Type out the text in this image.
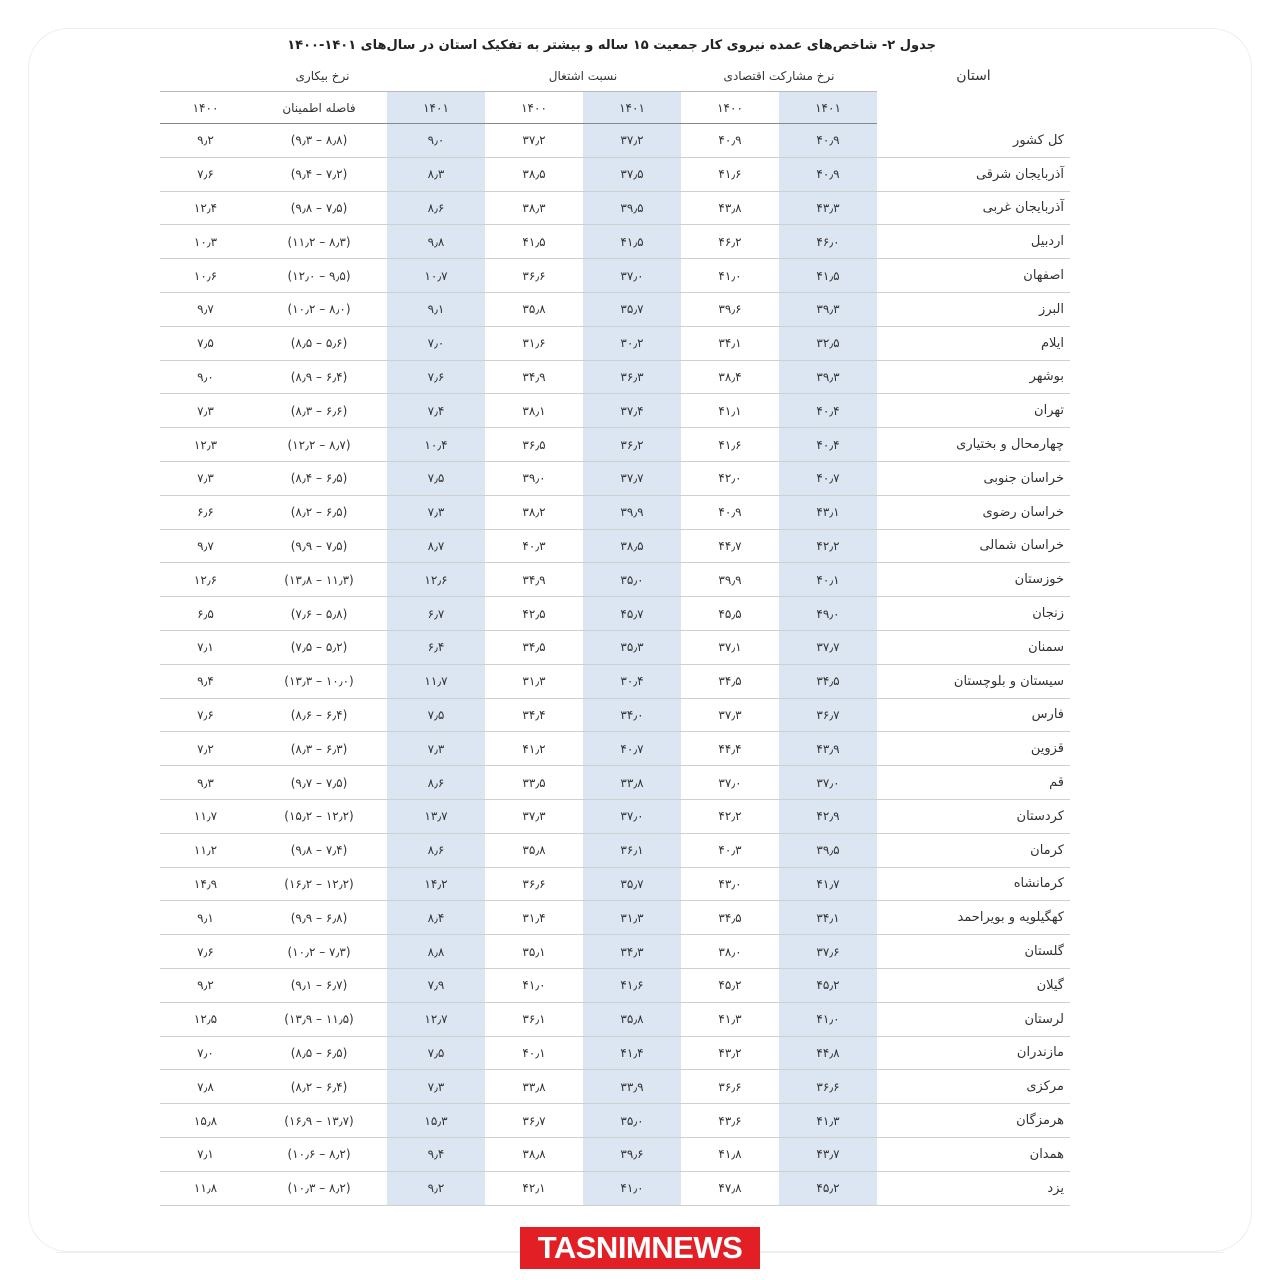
جدول ۲- شاخص‌های عمده نیروی کار جمعیت ۱۵ ساله و بیشتر به تفکیک استان در سال‌های ۱۴۰۱-۱۴۰۰
استان	نرخ مشارکت اقتصادی		نسبت اشتغال		نرخ بیکاری		
	۱۴۰۱	۱۴۰۰	۱۴۰۱	۱۴۰۰	۱۴۰۱	فاصله اطمینان	۱۴۰۰
کل کشور	۴۰٫۹	۴۰٫۹	۳۷٫۲	۳۷٫۲	۹٫۰	(۸٫۸ – ۹٫۳)	۹٫۲
آذربایجان شرقی	۴۰٫۹	۴۱٫۶	۳۷٫۵	۳۸٫۵	۸٫۳	(۷٫۲ – ۹٫۴)	۷٫۶
آذربایجان غربی	۴۳٫۳	۴۳٫۸	۳۹٫۵	۳۸٫۳	۸٫۶	(۷٫۵ – ۹٫۸)	۱۲٫۴
اردبیل	۴۶٫۰	۴۶٫۲	۴۱٫۵	۴۱٫۵	۹٫۸	(۸٫۳ – ۱۱٫۲)	۱۰٫۳
اصفهان	۴۱٫۵	۴۱٫۰	۳۷٫۰	۳۶٫۶	۱۰٫۷	(۹٫۵ – ۱۲٫۰)	۱۰٫۶
البرز	۳۹٫۳	۳۹٫۶	۳۵٫۷	۳۵٫۸	۹٫۱	(۸٫۰ – ۱۰٫۲)	۹٫۷
ایلام	۳۲٫۵	۳۴٫۱	۳۰٫۲	۳۱٫۶	۷٫۰	(۵٫۶ – ۸٫۵)	۷٫۵
بوشهر	۳۹٫۳	۳۸٫۴	۳۶٫۳	۳۴٫۹	۷٫۶	(۶٫۴ – ۸٫۹)	۹٫۰
تهران	۴۰٫۴	۴۱٫۱	۳۷٫۴	۳۸٫۱	۷٫۴	(۶٫۶ – ۸٫۳)	۷٫۳
چهارمحال و بختیاری	۴۰٫۴	۴۱٫۶	۳۶٫۲	۳۶٫۵	۱۰٫۴	(۸٫۷ – ۱۲٫۲)	۱۲٫۳
خراسان جنوبی	۴۰٫۷	۴۲٫۰	۳۷٫۷	۳۹٫۰	۷٫۵	(۶٫۵ – ۸٫۴)	۷٫۳
خراسان رضوی	۴۳٫۱	۴۰٫۹	۳۹٫۹	۳۸٫۲	۷٫۳	(۶٫۵ – ۸٫۲)	۶٫۶
خراسان شمالی	۴۲٫۲	۴۴٫۷	۳۸٫۵	۴۰٫۳	۸٫۷	(۷٫۵ – ۹٫۹)	۹٫۷
خوزستان	۴۰٫۱	۳۹٫۹	۳۵٫۰	۳۴٫۹	۱۲٫۶	(۱۱٫۳ – ۱۳٫۸)	۱۲٫۶
زنجان	۴۹٫۰	۴۵٫۵	۴۵٫۷	۴۲٫۵	۶٫۷	(۵٫۸ – ۷٫۶)	۶٫۵
سمنان	۳۷٫۷	۳۷٫۱	۳۵٫۳	۳۴٫۵	۶٫۴	(۵٫۲ – ۷٫۵)	۷٫۱
سیستان و بلوچستان	۳۴٫۵	۳۴٫۵	۳۰٫۴	۳۱٫۳	۱۱٫۷	(۱۰٫۰ – ۱۳٫۳)	۹٫۴
فارس	۳۶٫۷	۳۷٫۳	۳۴٫۰	۳۴٫۴	۷٫۵	(۶٫۴ – ۸٫۶)	۷٫۶
قزوین	۴۳٫۹	۴۴٫۴	۴۰٫۷	۴۱٫۲	۷٫۳	(۶٫۳ – ۸٫۳)	۷٫۲
قم	۳۷٫۰	۳۷٫۰	۳۳٫۸	۳۳٫۵	۸٫۶	(۷٫۵ – ۹٫۷)	۹٫۳
کردستان	۴۲٫۹	۴۲٫۲	۳۷٫۰	۳۷٫۳	۱۳٫۷	(۱۲٫۲ – ۱۵٫۲)	۱۱٫۷
کرمان	۳۹٫۵	۴۰٫۳	۳۶٫۱	۳۵٫۸	۸٫۶	(۷٫۴ – ۹٫۸)	۱۱٫۲
کرمانشاه	۴۱٫۷	۴۳٫۰	۳۵٫۷	۳۶٫۶	۱۴٫۲	(۱۲٫۲ – ۱۶٫۲)	۱۴٫۹
کهگیلویه و بویراحمد	۳۴٫۱	۳۴٫۵	۳۱٫۳	۳۱٫۴	۸٫۴	(۶٫۸ – ۹٫۹)	۹٫۱
گلستان	۳۷٫۶	۳۸٫۰	۳۴٫۳	۳۵٫۱	۸٫۸	(۷٫۳ – ۱۰٫۲)	۷٫۶
گیلان	۴۵٫۲	۴۵٫۲	۴۱٫۶	۴۱٫۰	۷٫۹	(۶٫۷ – ۹٫۱)	۹٫۲
لرستان	۴۱٫۰	۴۱٫۳	۳۵٫۸	۳۶٫۱	۱۲٫۷	(۱۱٫۵ – ۱۳٫۹)	۱۲٫۵
مازندران	۴۴٫۸	۴۳٫۲	۴۱٫۴	۴۰٫۱	۷٫۵	(۶٫۵ – ۸٫۵)	۷٫۰
مرکزی	۳۶٫۶	۳۶٫۶	۳۳٫۹	۳۳٫۸	۷٫۳	(۶٫۴ – ۸٫۲)	۷٫۸
هرمزگان	۴۱٫۳	۴۳٫۶	۳۵٫۰	۳۶٫۷	۱۵٫۳	(۱۳٫۷ – ۱۶٫۹)	۱۵٫۸
همدان	۴۳٫۷	۴۱٫۸	۳۹٫۶	۳۸٫۸	۹٫۴	(۸٫۲ – ۱۰٫۶)	۷٫۱
یزد	۴۵٫۲	۴۷٫۸	۴۱٫۰	۴۲٫۱	۹٫۲	(۸٫۲ – ۱۰٫۳)	۱۱٫۸
TASNIMNEWS
